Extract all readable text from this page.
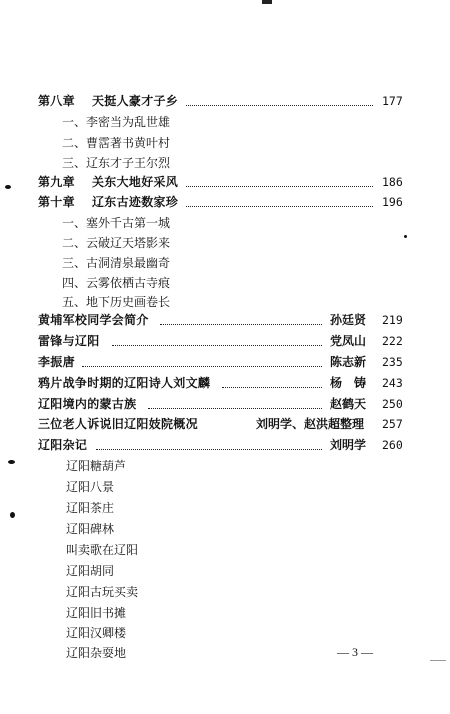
第八章 天挺人豪才子乡	177
一、李密当为乱世雄
二、曹霑著书黄叶村
三、辽东才子王尔烈
第九章 关东大地好采风	186
第十章 辽东古迹数家珍	196
一、塞外千古第一城
二、云破辽天塔影来
三、古洞清泉最幽奇
四、云雾依栖古寺痕
五、地下历史画卷长
黄埔军校同学会简介	孙廷贤 219
雷锋与辽阳	党凤山 222
李振唐	陈志新 235
鸦片战争时期的辽阳诗人刘文麟	杨　铸 243
辽阳境内的蒙古族	赵鹤天 250
三位老人诉说旧辽阳妓院概况	刘明学、赵洪超整理 257
辽阳杂记	刘明学 260
辽阳糖葫芦
辽阳八景
辽阳茶庄
辽阳碑林
叫卖歌在辽阳
辽阳胡同
辽阳古玩买卖
辽阳旧书摊
辽阳汉卿楼
辽阳杂耍地	— 3 —
